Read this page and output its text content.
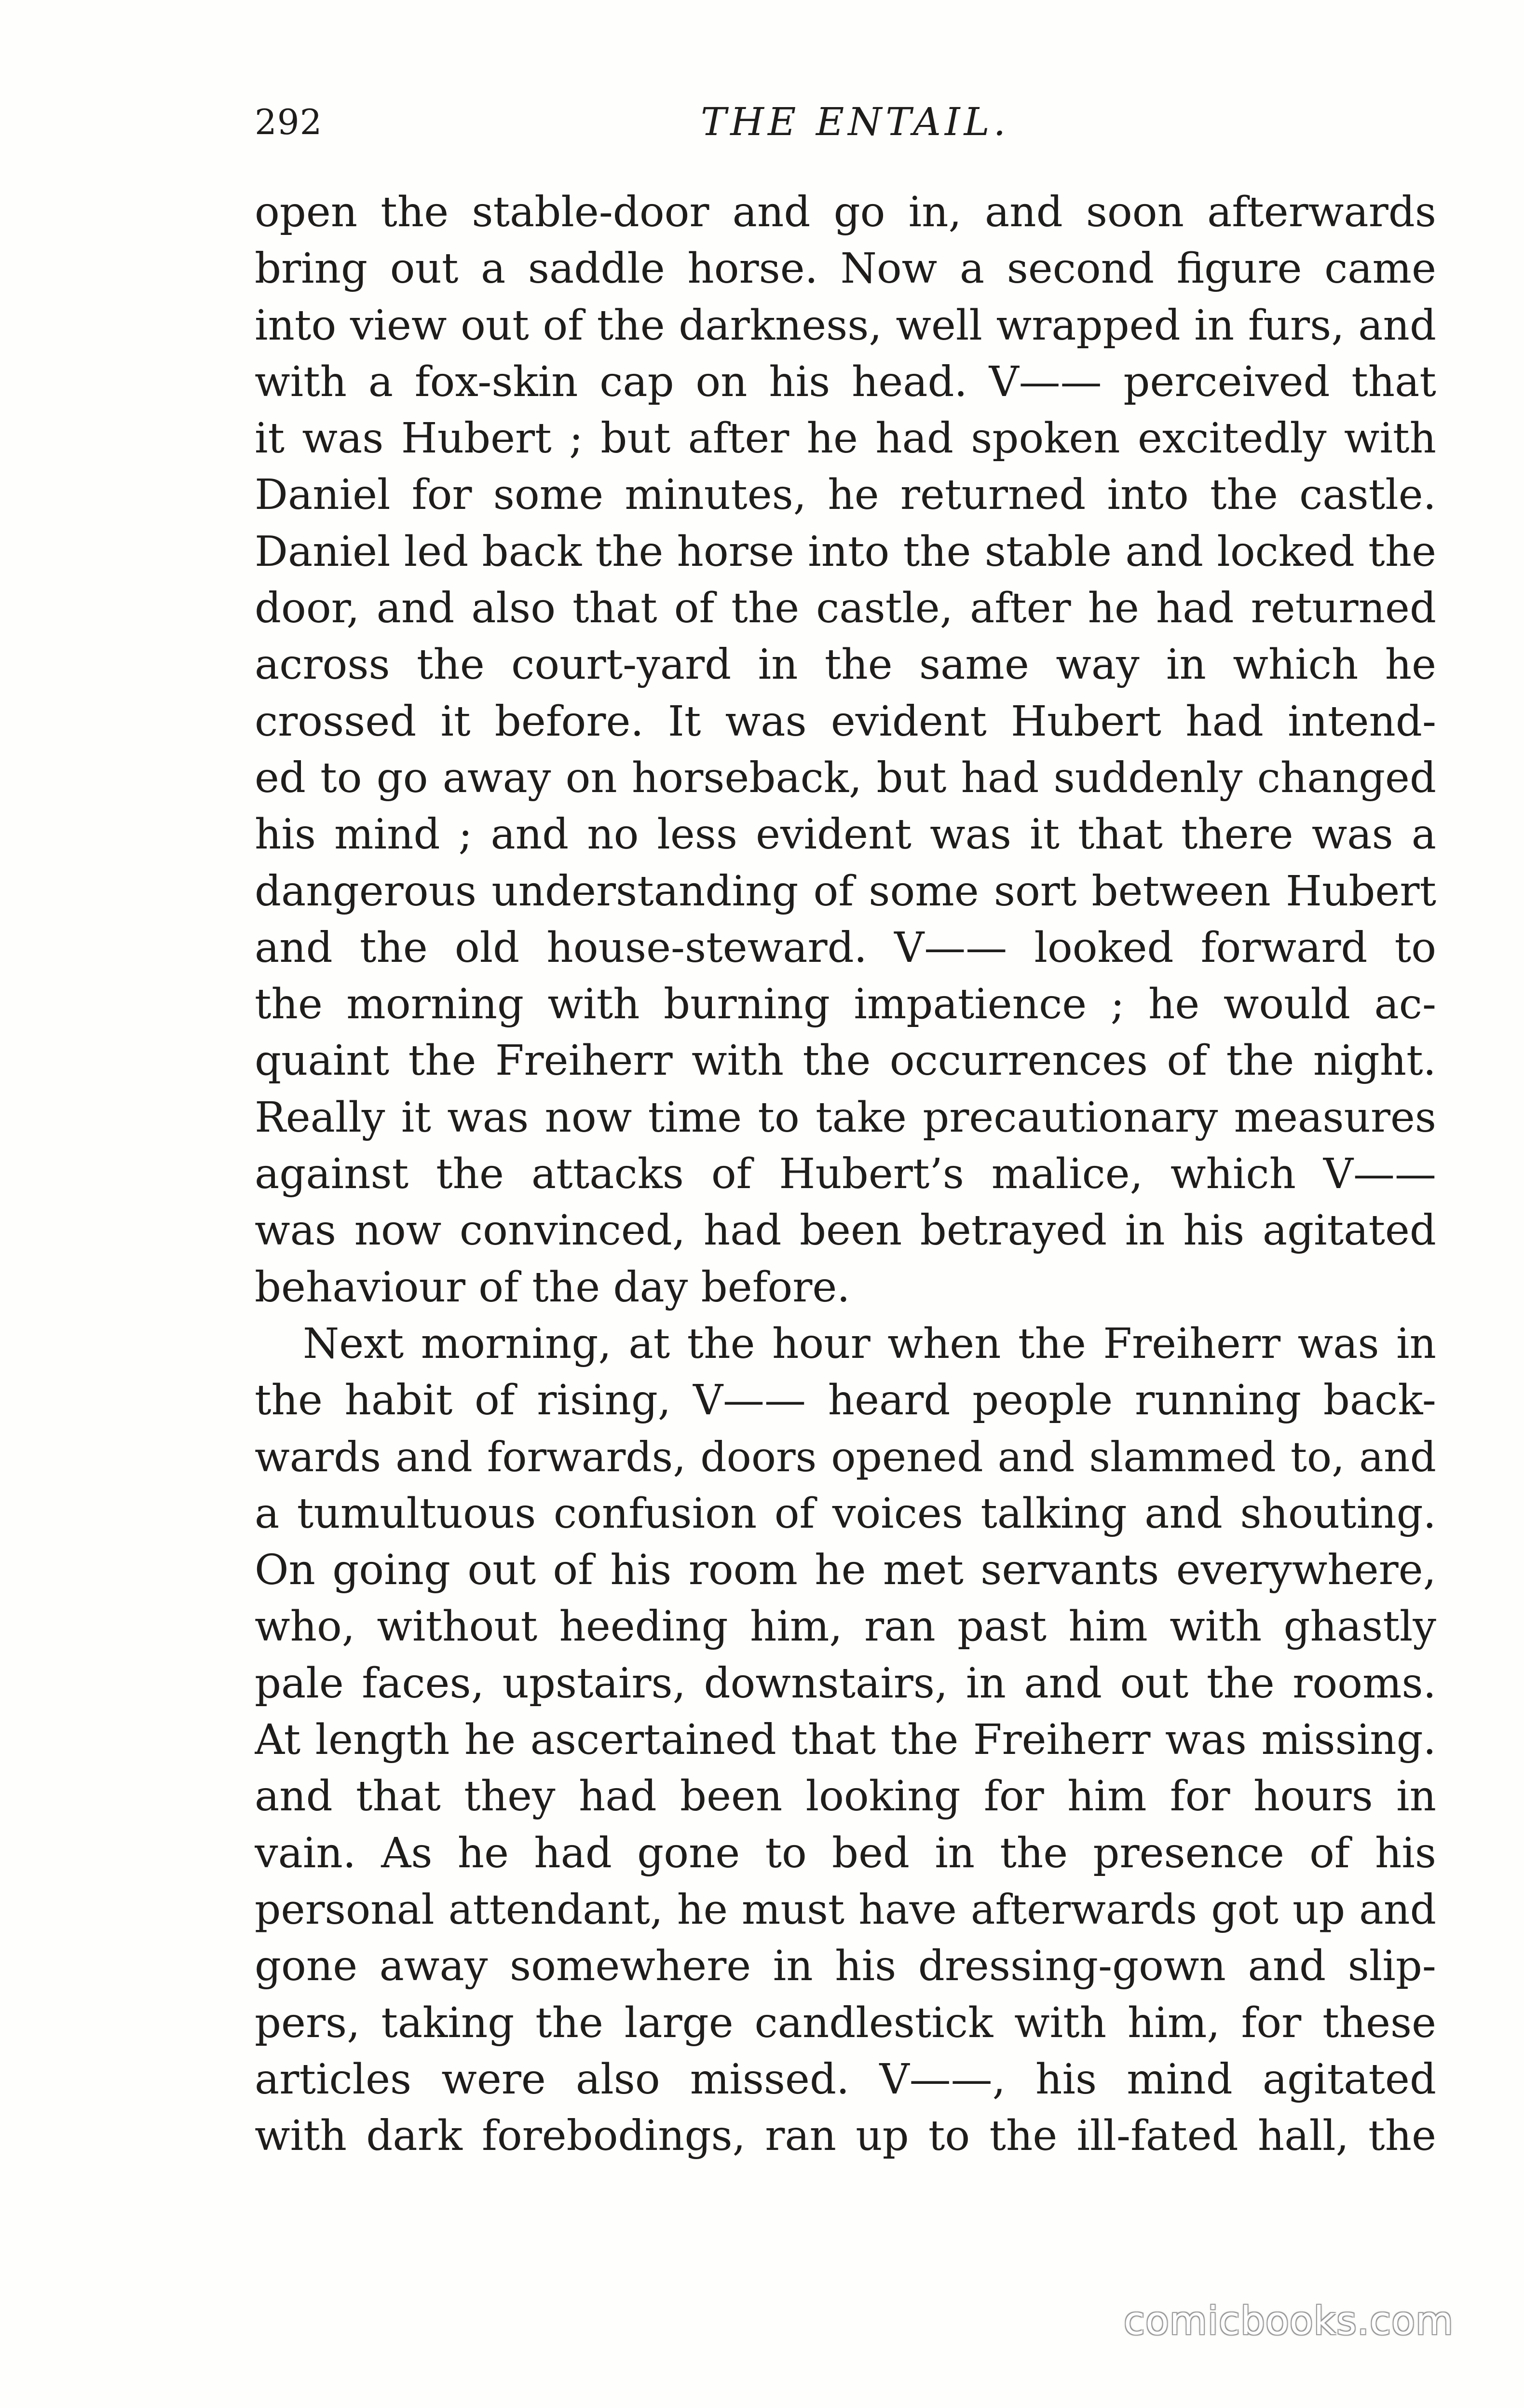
292	THE ENTAIL.
open the stable-door and go in, and soon afterwards
bring out a saddle horse. Now a second figure came
into view out of the darkness, well wrapped in furs, and
with a fox-skin cap on his head. V—— perceived that
it was Hubert ; but after he had spoken excitedly with
Daniel for some minutes, he returned into the castle.
Daniel led back the horse into the stable and locked the
door, and also that of the castle, after he had returned
across the court-yard in the same way in which he
crossed it before. It was evident Hubert had intend-
ed to go away on horseback, but had suddenly changed
his mind ; and no less evident was it that there was a
dangerous understanding of some sort between Hubert
and the old house-steward. V—— looked forward to
the morning with burning impatience ; he would ac-
quaint the Freiherr with the occurrences of the night.
Really it was now time to take precautionary measures
against the attacks of Hubert’s malice, which V——
was now convinced, had been betrayed in his agitated
behaviour of the day before.
Next morning, at the hour when the Freiherr was in
the habit of rising, V—— heard people running back-
wards and forwards, doors opened and slammed to, and
a tumultuous confusion of voices talking and shouting.
On going out of his room he met servants everywhere,
who, without heeding him, ran past him with ghastly
pale faces, upstairs, downstairs, in and out the rooms.
At length he ascertained that the Freiherr was missing.
and that they had been looking for him for hours in
vain. As he had gone to bed in the presence of his
personal attendant, he must have afterwards got up and
gone away somewhere in his dressing-gown and slip-
pers, taking the large candlestick with him, for these
articles were also missed. V——, his mind agitated
with dark forebodings, ran up to the ill-fated hall, the
comicbooks.com
